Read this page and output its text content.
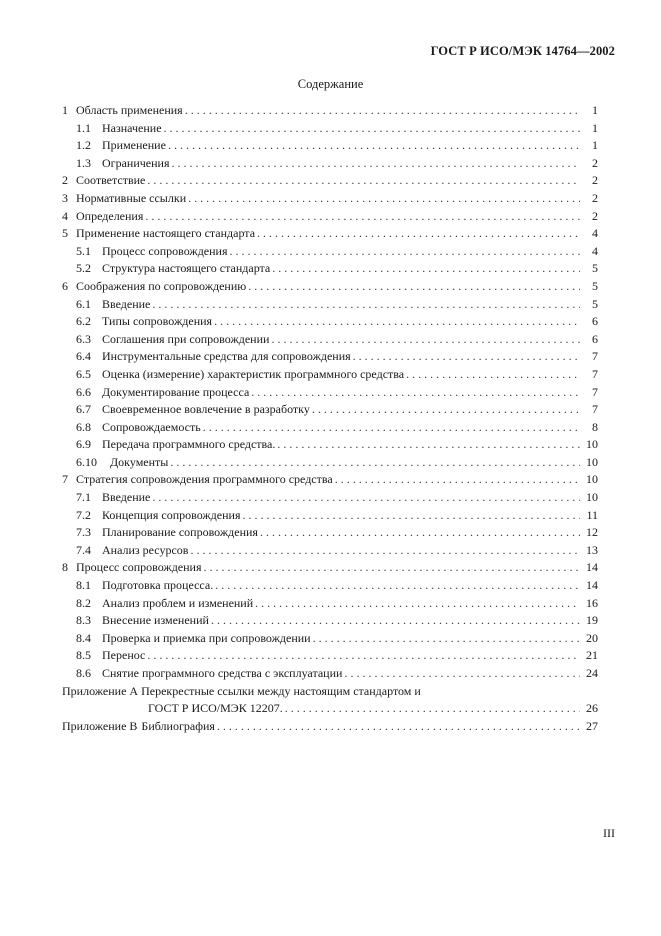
ГОСТ Р ИСО/МЭК 14764—2002
Содержание
1 Область применения . . .	1
1.1 Назначение . . .	1
1.2 Применение . . .	1
1.3 Ограничения . . .	2
2 Соответствие . . .	2
3 Нормативные ссылки . . .	2
4 Определения . . .	2
5 Применение настоящего стандарта . . .	4
5.1 Процесс сопровождения . . .	4
5.2 Структура настоящего стандарта . . .	5
6 Соображения по сопровождению . . .	5
6.1 Введение . . .	5
6.2 Типы сопровождения . . .	6
6.3 Соглашения при сопровождении . . .	6
6.4 Инструментальные средства для сопровождения . . .	7
6.5 Оценка (измерение) характеристик программного средства . . .	7
6.6 Документирование процесса . . .	7
6.7 Своевременное вовлечение в разработку . . .	7
6.8 Сопровождаемость . . .	8
6.9 Передача программного средства. . . .	10
6.10	Документы . . .	10
7 Стратегия сопровождения программного средства . . .	10
7.1 Введение . . .	10
7.2 Концепция сопровождения . . .	11
7.3 Планирование сопровождения . . .	12
7.4 Анализ ресурсов . . .	13
8 Процесс сопровождения . . .	14
8.1 Подготовка процесса. . . .	14
8.2 Анализ проблем и изменений . . .	16
8.3 Внесение изменений . . .	19
8.4 Проверка и приемка при сопровождении . . .	20
8.5 Перенос . . .	21
8.6 Снятие программного средства с эксплуатации . . .	24
Приложение А Перекрестные ссылки между настоящим стандартом и
ГОСТ Р ИСО/МЭК 12207. . . .	26
Приложение В Библиография . . .	27
III
